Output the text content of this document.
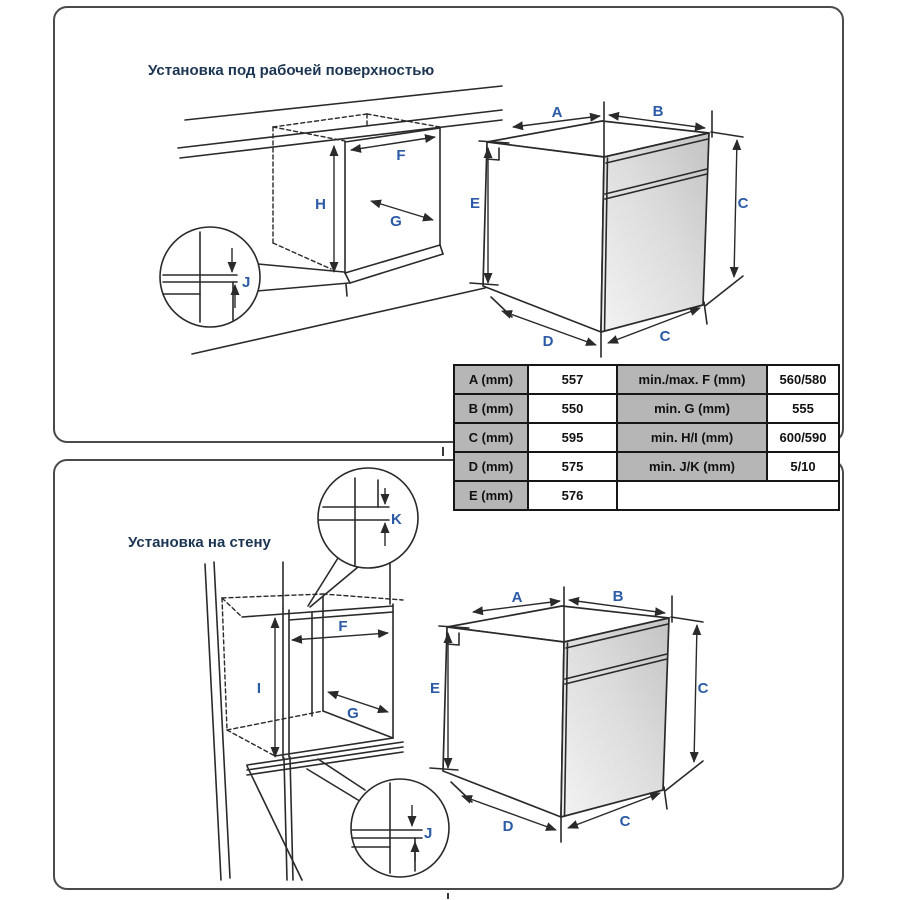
Установка под рабочей поверхностью
Установка на стену
F
H
G
J
A	B
E	C
D	C
K
F
I
G
J
A	B
E	C
D	C
A (mm)	557	min./max. F (mm)	560/580
B (mm)	550	min. G (mm)	555
C (mm)	595	min. H/I (mm)	600/590
D (mm)	575	min. J/K (mm)	5/10
E (mm)	576		
